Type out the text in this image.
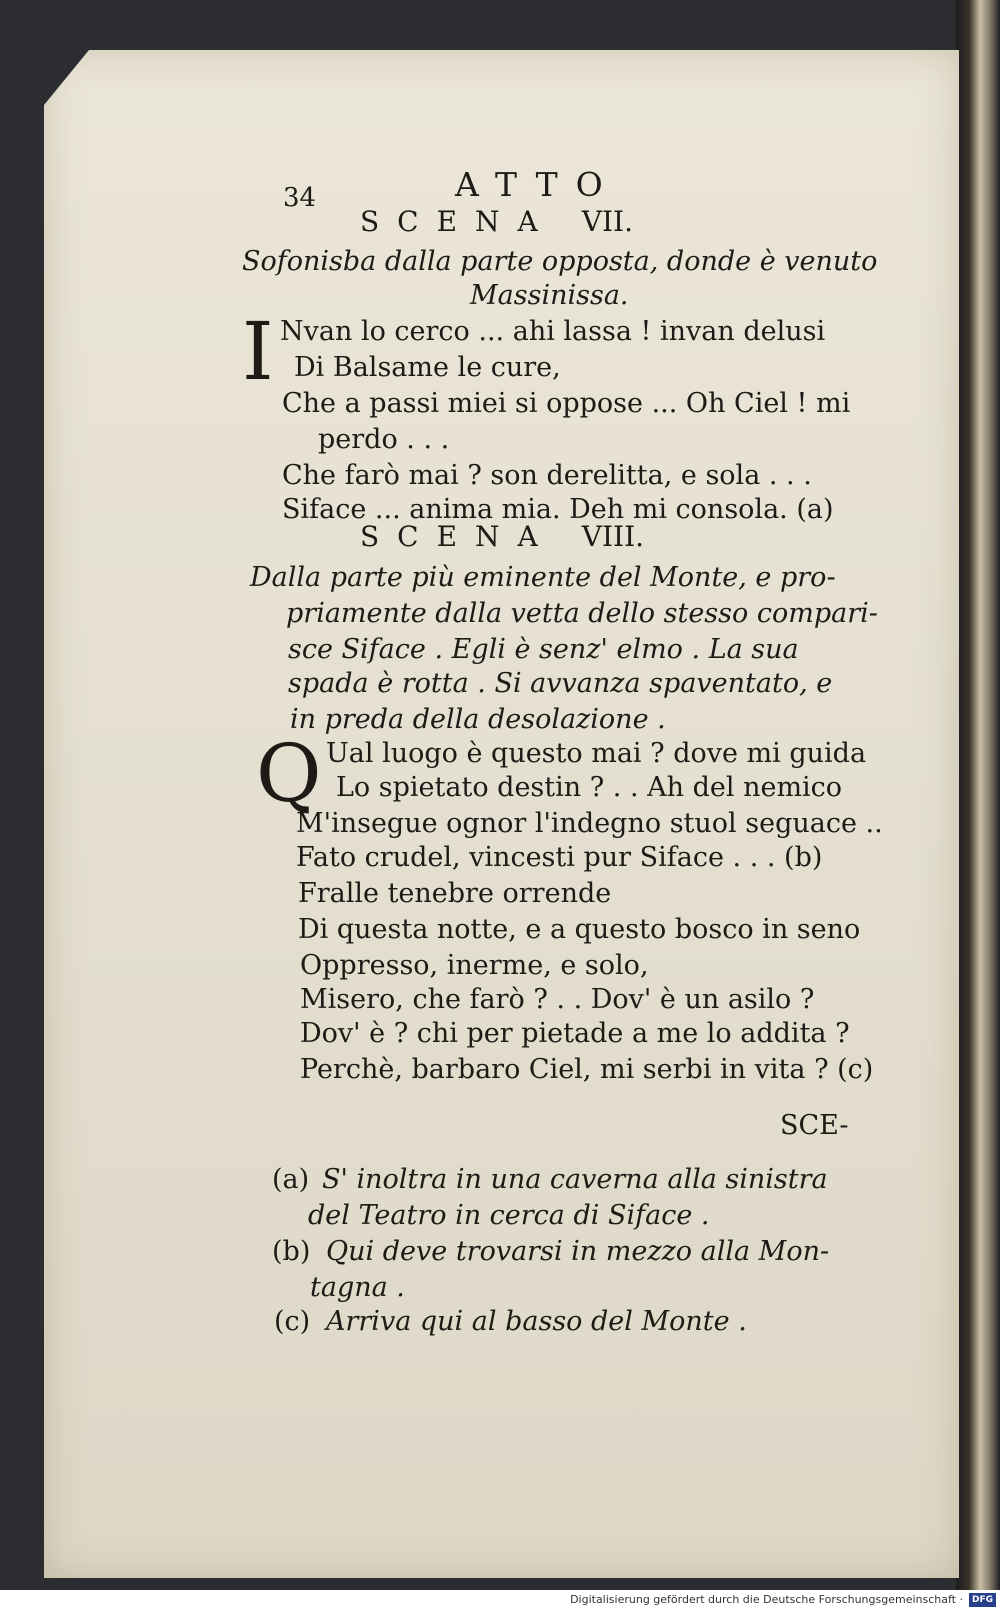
34	ATTO
SCENA VII.
Sofonisba dalla parte opposta, donde è venuto
Massinissa.
I Nvan lo cerco ... ahi lassa ! invan delusi
Di Balsame le cure,
Che a passi miei si oppose ... Oh Ciel ! mi
perdo . . .
Che farò mai ? son derelitta, e sola . . .
Siface ... anima mia. Deh mi consola. (a)
SCENA VIII.
Dalla parte più eminente del Monte, e pro-
priamente dalla vetta dello stesso compari-
sce Siface . Egli è senz' elmo . La sua
spada è rotta . Si avvanza spaventato, e
in preda della desolazione .
Q Ual luogo è questo mai ? dove mi guida
Lo spietato destin ? . . Ah del nemico
M'insegue ognor l'indegno stuol seguace ..
Fato crudel, vincesti pur Siface . . . (b)
Fralle tenebre orrende
Di questa notte, e a questo bosco in seno
Oppresso, inerme, e solo,
Misero, che farò ? . . Dov' è un asilo ?
Dov' è ? chi per pietade a me lo addita ?
Perchè, barbaro Ciel, mi serbi in vita ? (c)
SCE-
(a) S' inoltra in una caverna alla sinistra
del Teatro in cerca di Siface .
(b) Qui deve trovarsi in mezzo alla Mon-
tagna .
(c) Arriva qui al basso del Monte .
Digitalisierung gefördert durch die Deutsche Forschungsgemeinschaft · DFG
